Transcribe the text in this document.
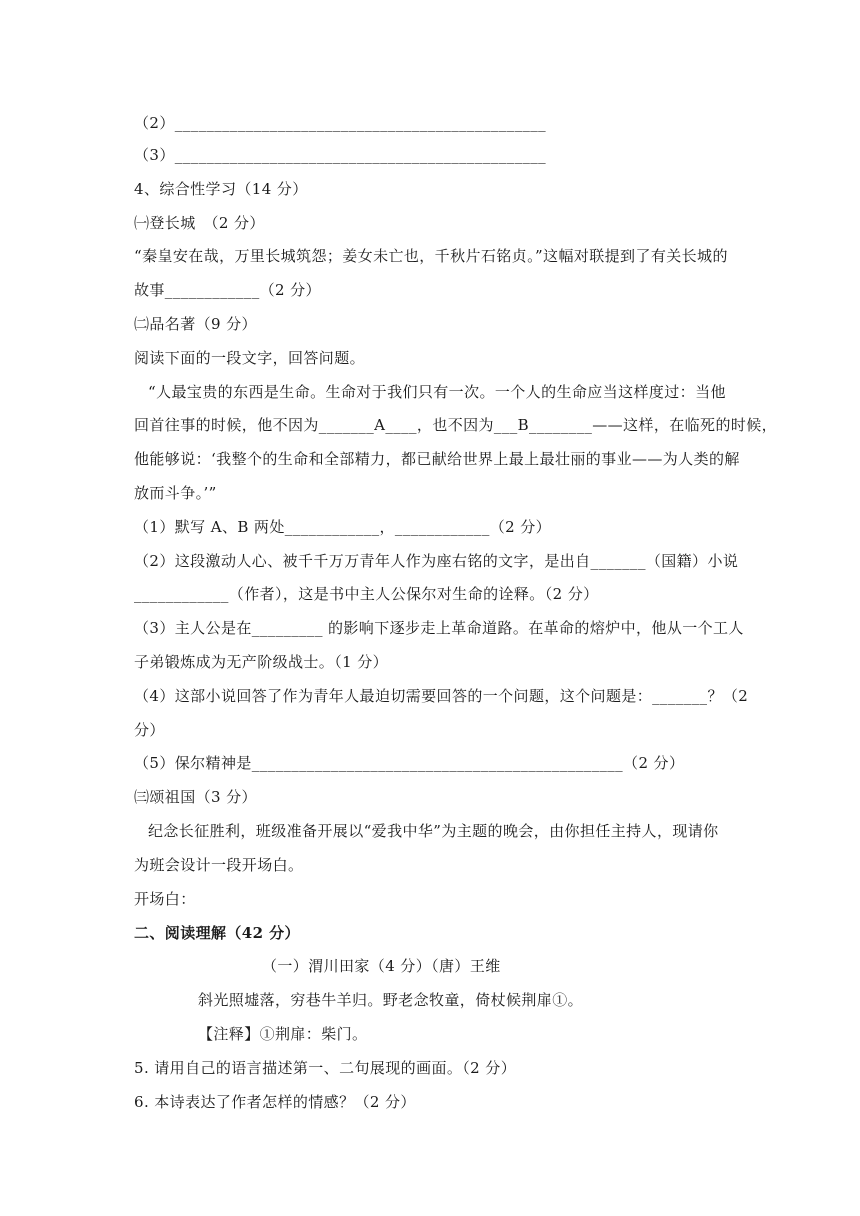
（2）_______________________________________________
（3）_______________________________________________
4、综合性学习（14 分）
㈠登长城　（2 分）
“秦皇安在哉，万里长城筑怨；姜女未亡也，千秋片石铭贞。”这幅对联提到了有关长城的
故事____________（2 分）
㈡品名著（9 分）
阅读下面的一段文字，回答问题。
“人最宝贵的东西是生命。生命对于我们只有一次。一个人的生命应当这样度过：当他
回首往事的时候，他不因为_______A____，也不因为___B________——这样，在临死的时候，
他能够说：‘我整个的生命和全部精力，都已献给世界上最上最壮丽的事业——为人类的解
放而斗争。’”
（1）默写 A、B 两处____________，____________（2 分）
（2）这段激动人心、被千千万万青年人作为座右铭的文字，是出自_______（国籍）小说
____________（作者），这是书中主人公保尔对生命的诠释。（2 分）
（3）主人公是在_________ 的影响下逐步走上革命道路。在革命的熔炉中，他从一个工人
子弟锻炼成为无产阶级战士。（1 分）
（4）这部小说回答了作为青年人最迫切需要回答的一个问题，这个问题是：_______？（2
分）
（5）保尔精神是_______________________________________________（2 分）
㈢颂祖国（3 分）
纪念长征胜利，班级准备开展以“爱我中华”为主题的晚会，由你担任主持人，现请你
为班会设计一段开场白。
开场白：
二、阅读理解（42 分）
（一）渭川田家（4 分）（唐）王维
斜光照墟落，穷巷牛羊归。野老念牧童，倚杖候荆扉①。
【注释】①荆扉：柴门。
5. 请用自己的语言描述第一、二句展现的画面。（2 分）
6. 本诗表达了作者怎样的情感？（2 分）
